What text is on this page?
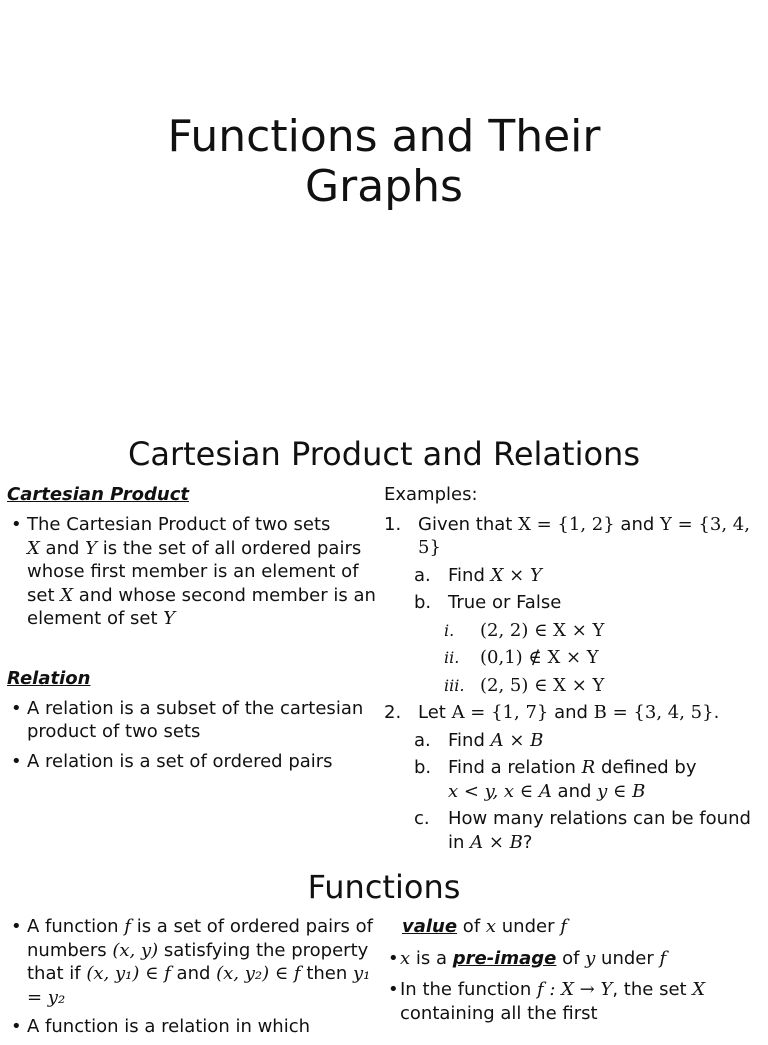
Functions and Their
Graphs
Cartesian Product and Relations
Cartesian Product
• The Cartesian Product of two sets
X and Y is the set of all ordered pairs whose first member is an element of set X and whose second member is an element of set Y
Relation
• A relation is a subset of the cartesian product of two sets
• A relation is a set of ordered pairs
Examples:
1. Given that X = {1, 2} and Y = {3, 4, 5}
a. Find X × Y
b. True or False
i. (2, 2) ∈ X × Y
ii. (0,1) ∉ X × Y
iii. (2, 5) ∈ X × Y
2. Let A = {1, 7} and B = {3, 4, 5}.
a. Find A × B
b. Find a relation R defined by
x < y, x ∈ A and y ∈ B
c. How many relations can be found in A × B?
Functions
• A function f is a set of ordered pairs of numbers (x, y) satisfying the property that if (x, y₁) ∈ f and (x, y₂) ∈ f then y₁ = y₂
• A function is a relation in which
value of x under f
• x is a pre-image of y under f
• In the function f : X → Y, the set X containing all the first
